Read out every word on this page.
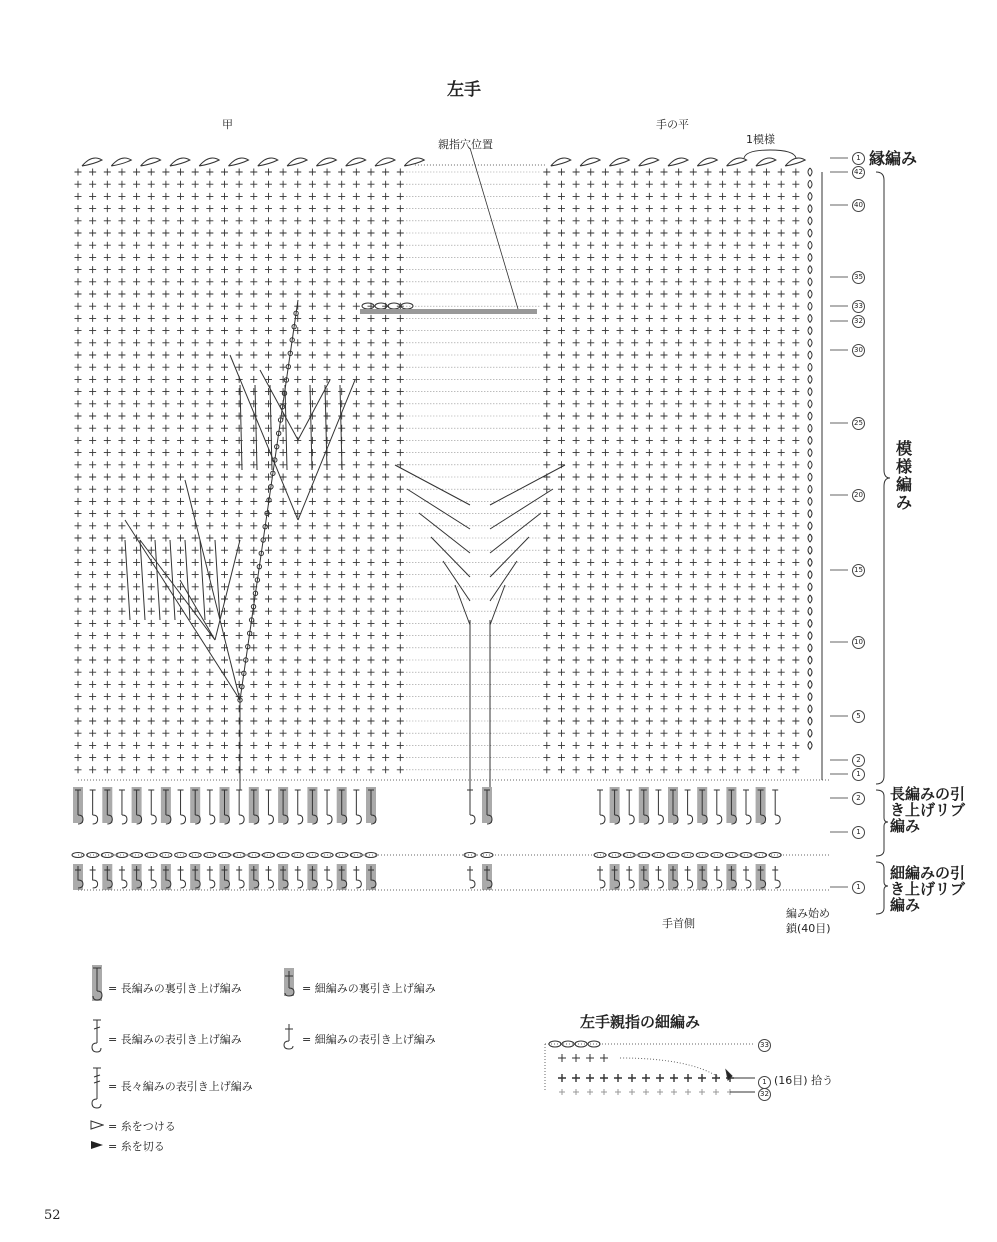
左手
甲	手の平
親指穴位置	1模様
42
40
35
33
32
30
25
20
15
10
5
2
1
2
1
1
1 縁編み
模様編み
長編みの引き上げリブ編み
細編みの引き上げリブ編み
手首側
編み始め
鎖(40目)
= 長編みの裏引き上げ編み	= 細編みの裏引き上げ編み
= 長編みの表引き上げ編み	= 細編みの表引き上げ編み
= 長々編みの表引き上げ編み
= 糸をつける
= 糸を切る
左手親指の細編み
33
1 (16目) 拾う
32
52
